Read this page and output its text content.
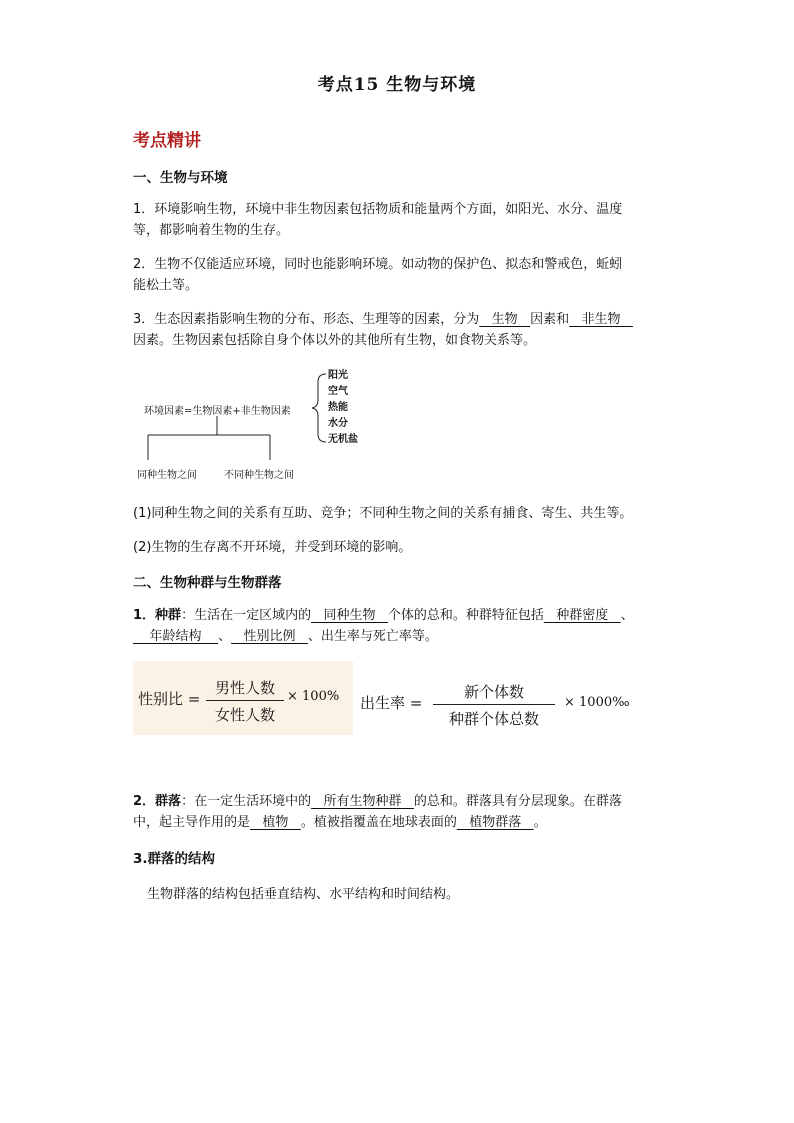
考点15 生物与环境
考点精讲
一、生物与环境
1．环境影响生物，环境中非生物因素包括物质和能量两个方面，如阳光、水分、温度
等，都影响着生物的生存。
2．生物不仅能适应环境，同时也能影响环境。如动物的保护色、拟态和警戒色，蚯蚓
能松土等。
3．生态因素指影响生物的分布、形态、生理等的因素，分为   生物   因素和   非生物
因素。生物因素包括除自身个体以外的其他所有生物，如食物关系等。
环境因素=生物因素+非生物因素
阳光
空气
热能
水分
无机盐
同种生物之间	不同种生物之间
(1)同种生物之间的关系有互助、竞争；不同种生物之间的关系有捕食、寄生、共生等。
(2)生物的生存离不开环境，并受到环境的影响。
二、生物种群与生物群落
1．种群：生活在一定区域内的   同种生物   个体的总和。种群特征包括   种群密度   、
年龄结构    、   性别比例   、出生率与死亡率等。
性别比 =
男性人数
女性人数
× 100% 出生率 =
新个体数
种群个体总数
× 1000‰
2．群落：在一定生活环境中的   所有生物种群   的总和。群落具有分层现象。在群落
中，起主导作用的是   植物   。植被指覆盖在地球表面的   植物群落   。
3.群落的结构
生物群落的结构包括垂直结构、水平结构和时间结构。
